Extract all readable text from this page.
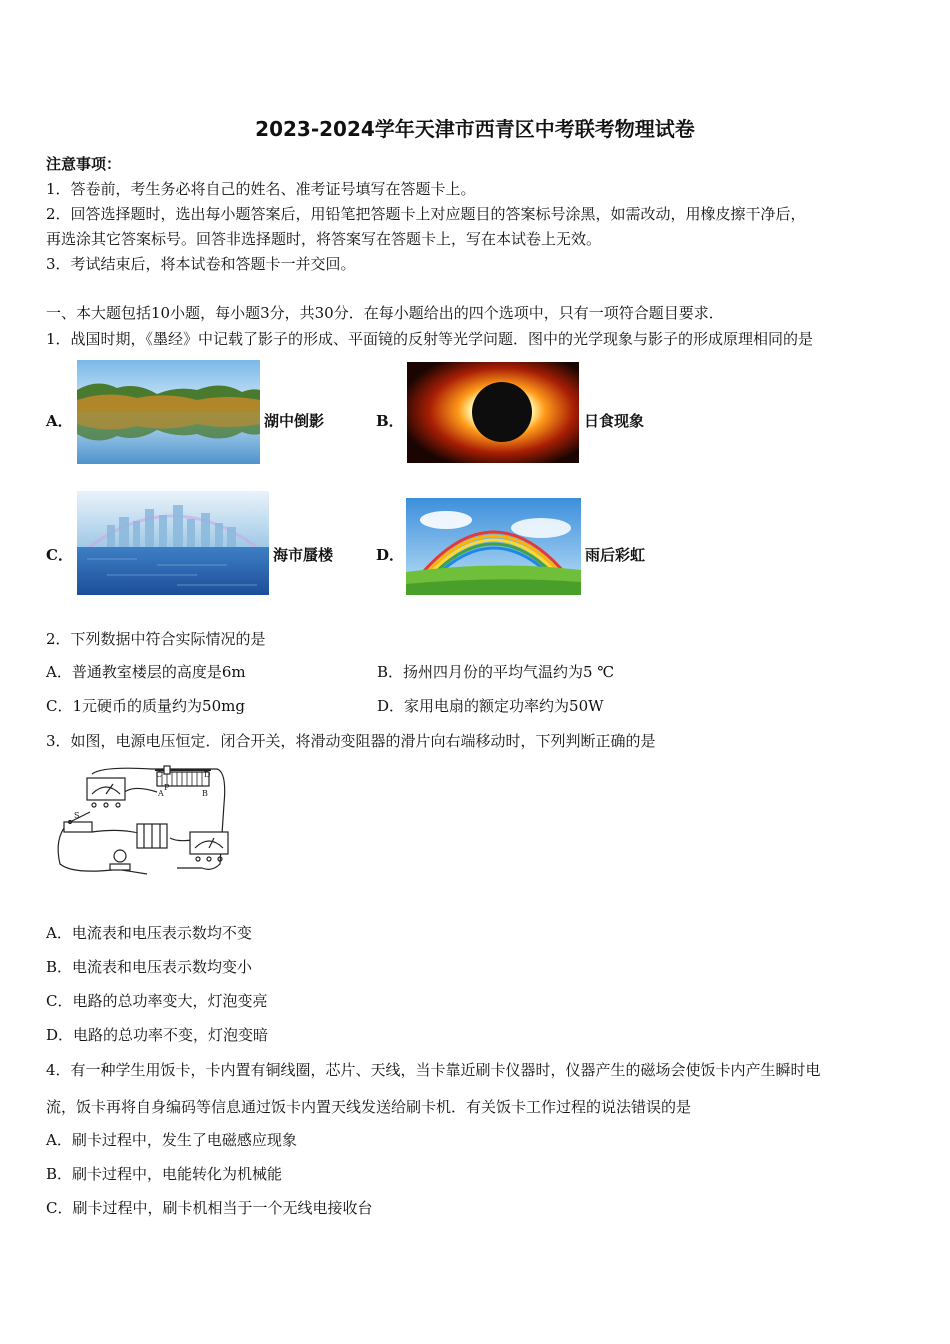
2023-2024学年天津市西青区中考联考物理试卷
注意事项：
1．答卷前，考生务必将自己的姓名、准考证号填写在答题卡上。
2．回答选择题时，选出每小题答案后，用铅笔把答题卡上对应题目的答案标号涂黑，如需改动，用橡皮擦干净后，
再选涂其它答案标号。回答非选择题时，将答案写在答题卡上，写在本试卷上无效。
3．考试结束后，将本试卷和答题卡一并交回。
一、本大题包括10小题，每小题3分，共30分．在每小题给出的四个选项中，只有一项符合题目要求．
1．战国时期，《墨经》中记载了影子的形成、平面镜的反射等光学问题．图中的光学现象与影子的形成原理相同的是
A．	湖中倒影	B．	日食现象
C．	海市蜃楼	D．	雨后彩虹
2．下列数据中符合实际情况的是
A．普通教室楼层的高度是6m	B．扬州四月份的平均气温约为5 ℃
C．1元硬币的质量约为50mg	D．家用电扇的额定功率约为50W
3．如图，电源电压恒定．闭合开关，将滑动变阻器的滑片向右端移动时，下列判断正确的是
C	D
A
P
B
S
A．电流表和电压表示数均不变
B．电流表和电压表示数均变小
C．电路的总功率变大，灯泡变亮
D．电路的总功率不变，灯泡变暗
4．有一种学生用饭卡，卡内置有铜线圈，芯片、天线，当卡靠近刷卡仪器时，仪器产生的磁场会使饭卡内产生瞬时电
流，饭卡再将自身编码等信息通过饭卡内置天线发送给刷卡机．有关饭卡工作过程的说法错误的是
A．刷卡过程中，发生了电磁感应现象
B．刷卡过程中，电能转化为机械能
C．刷卡过程中，刷卡机相当于一个无线电接收台
